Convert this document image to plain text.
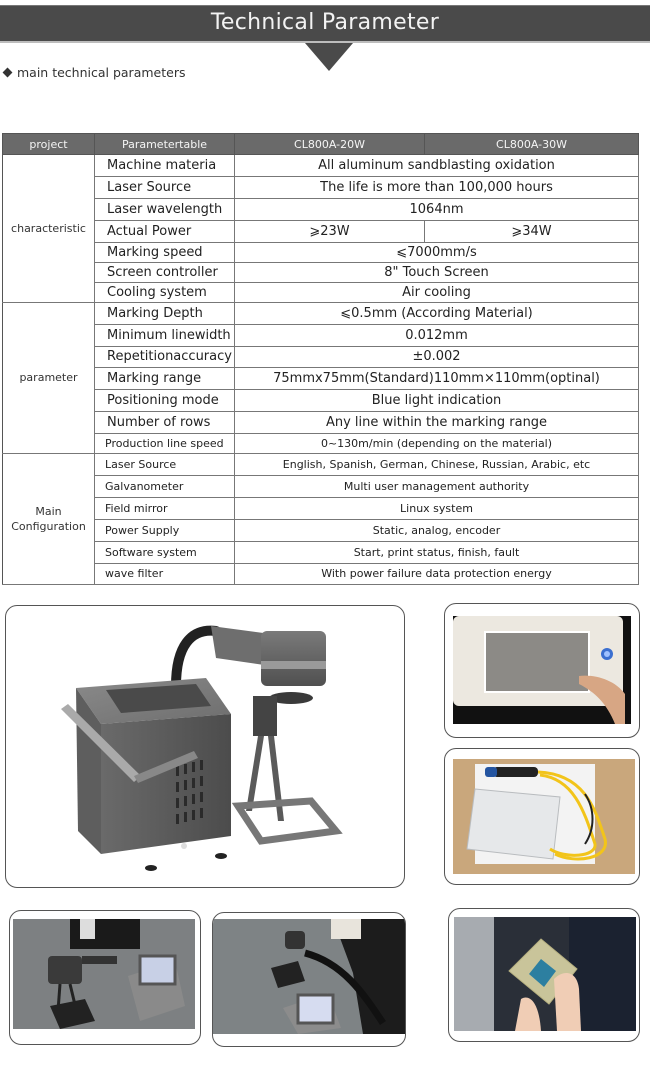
Technical Parameter
main technical parameters
project	Parametertable	CL800A-20W	CL800A-30W
characteristic	Machine materia	All aluminum sandblasting oxidation	
	Laser Source	The life is more than 100,000 hours	
	Laser wavelength	1064nm	
	Actual Power	⩾23W	⩾34W
	Marking speed	⩽7000mm/s	
	Screen controller	8" Touch Screen	
	Cooling system	Air cooling	
parameter	Marking Depth	⩽0.5mm (According Material)	
	Minimum linewidth	0.012mm	
	Repetitionaccuracy	±0.002	
	Marking range	75mmx75mm(Standard)110mm×110mm(optinal)	
	Positioning mode	Blue light indication	
	Number of rows	Any line within the marking range	
	Production line speed	0~130m/min (depending on the material)	
Main Configuration	Laser Source	English, Spanish, German, Chinese, Russian, Arabic, etc	
	Galvanometer	Multi user management authority	
	Field mirror	Linux system	
	Power Supply	Static, analog, encoder	
	Software system	Start, print status, finish, fault	
	wave filter	With power failure data protection energy	
